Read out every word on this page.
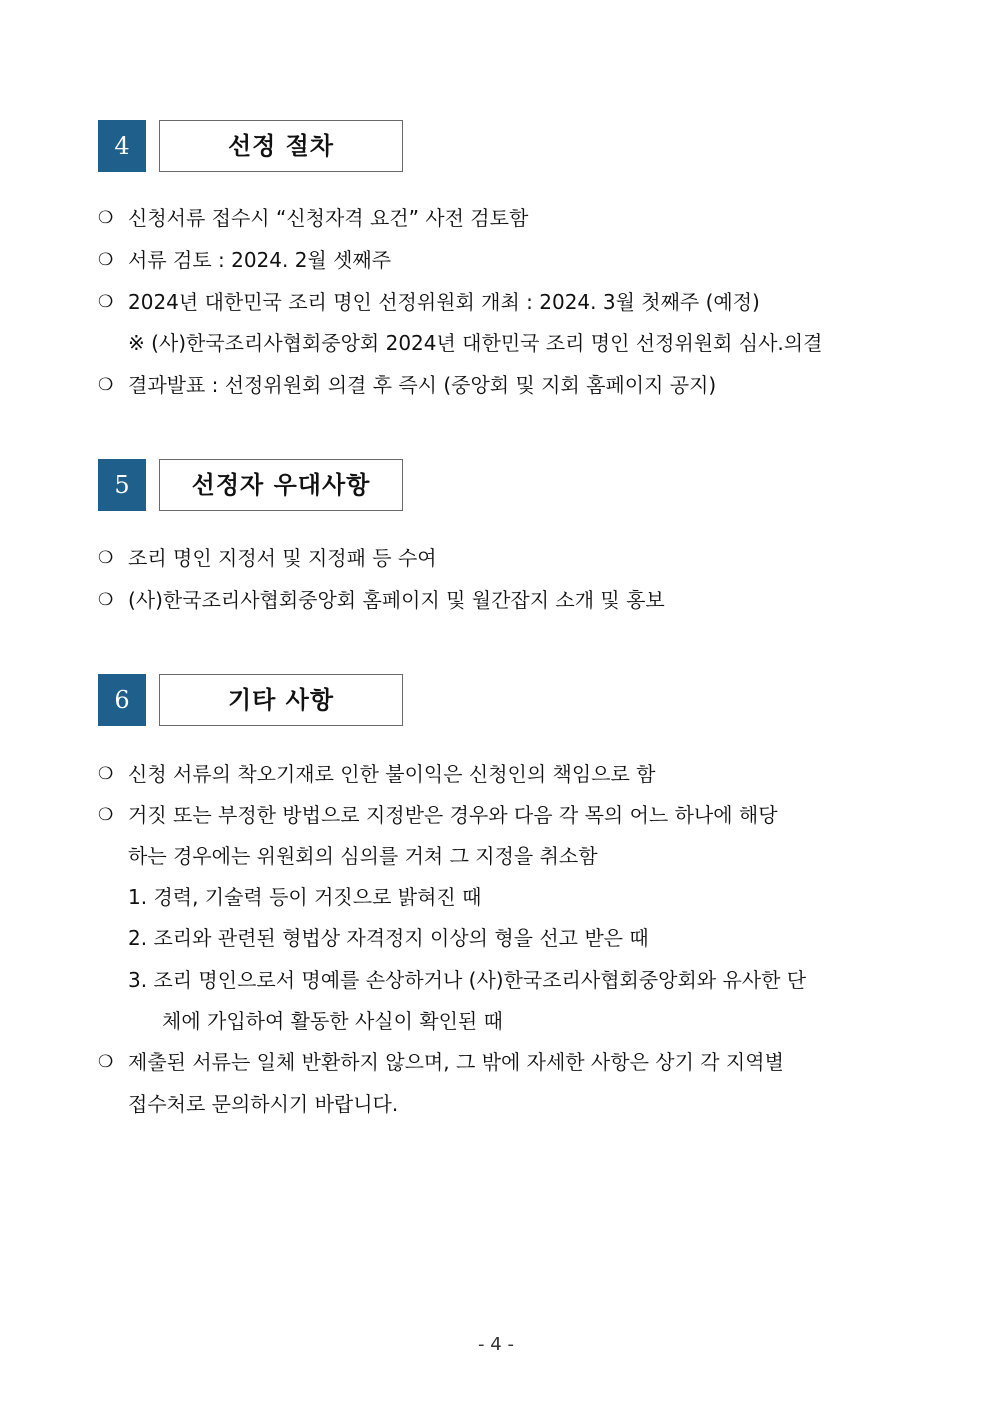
4	선정 절차
❍ 신청서류 접수시 “신청자격 요건” 사전 검토함
❍ 서류 검토 : 2024. 2월 셋째주
❍ 2024년 대한민국 조리 명인 선정위원회 개최 : 2024. 3월 첫째주 (예정)
※ (사)한국조리사협회중앙회 2024년 대한민국 조리 명인 선정위원회 심사.의결
❍ 결과발표 : 선정위원회 의결 후 즉시 (중앙회 및 지회 홈페이지 공지)
5	선정자 우대사항
❍ 조리 명인 지정서 및 지정패 등 수여
❍ (사)한국조리사협회중앙회 홈페이지 및 월간잡지 소개 및 홍보
6	기타 사항
❍ 신청 서류의 착오기재로 인한 불이익은 신청인의 책임으로 함
❍ 거짓 또는 부정한 방법으로 지정받은 경우와 다음 각 목의 어느 하나에 해당
하는 경우에는 위원회의 심의를 거쳐 그 지정을 취소함
1. 경력, 기술력 등이 거짓으로 밝혀진 때
2. 조리와 관련된 형법상 자격정지 이상의 형을 선고 받은 때
3. 조리 명인으로서 명예를 손상하거나 (사)한국조리사협회중앙회와 유사한 단
체에 가입하여 활동한 사실이 확인된 때
❍ 제출된 서류는 일체 반환하지 않으며, 그 밖에 자세한 사항은 상기 각 지역별
접수처로 문의하시기 바랍니다.
- 4 -
